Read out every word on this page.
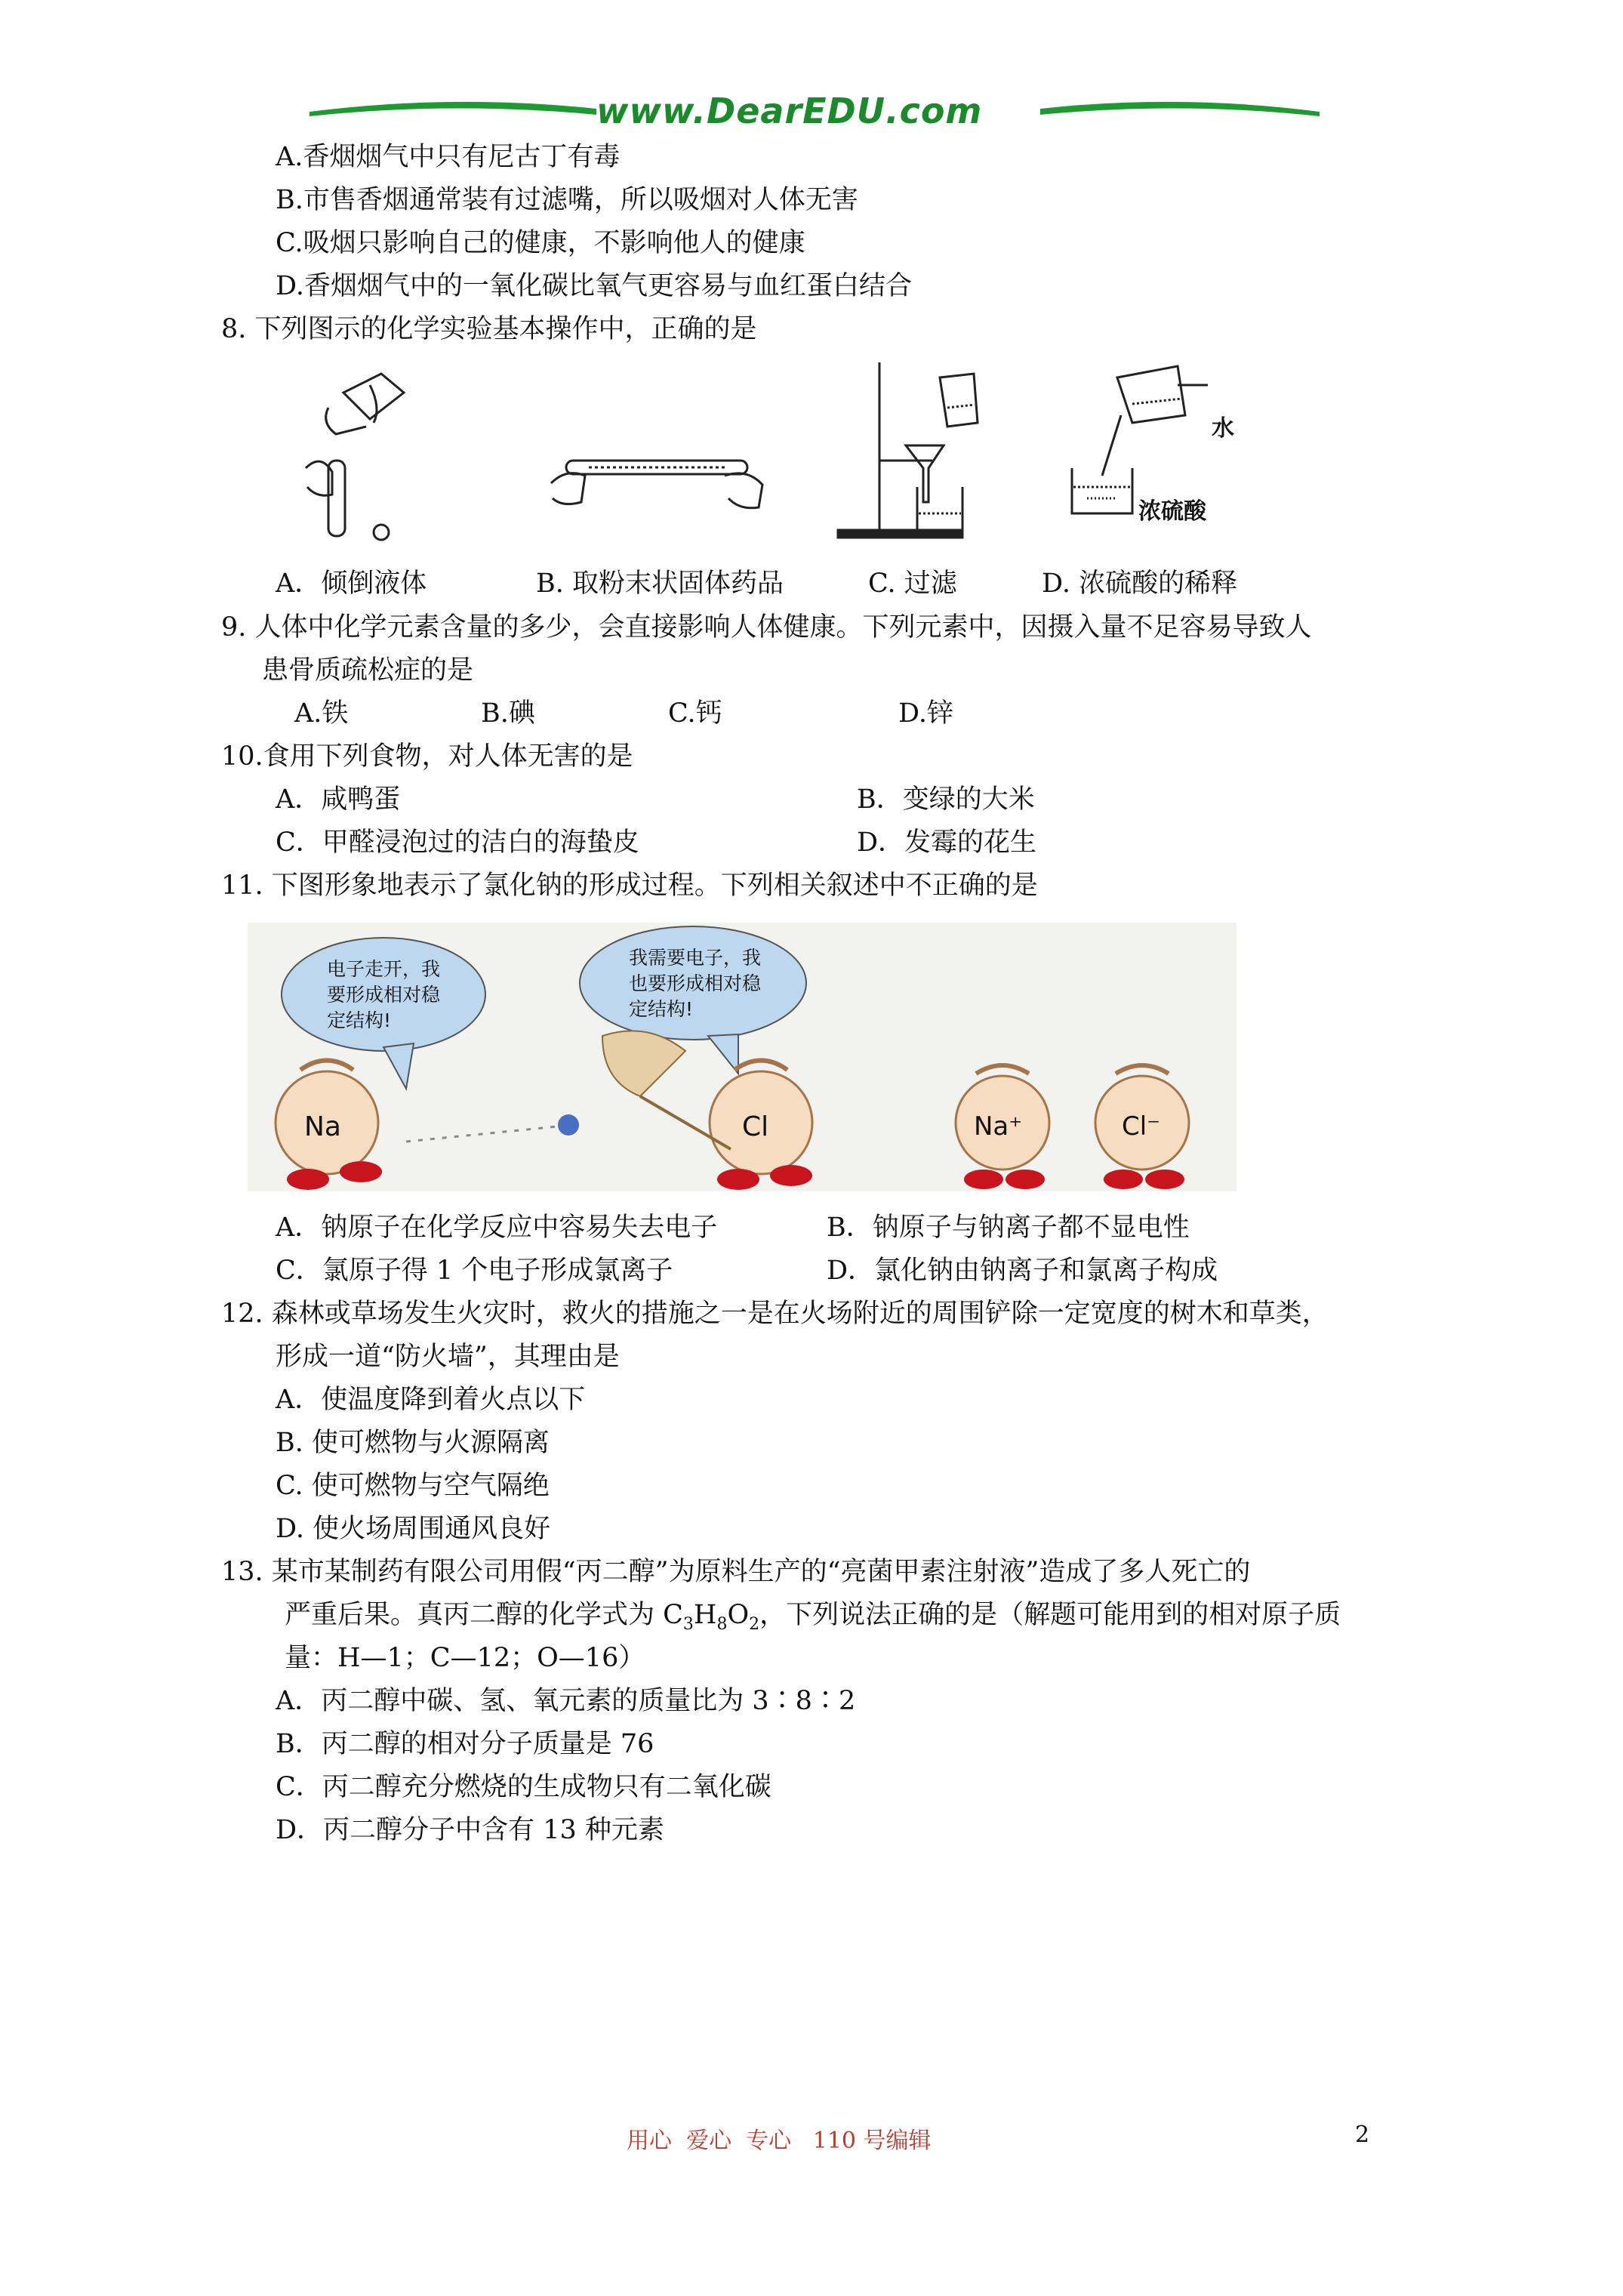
www.DearEDU.com
A.香烟烟气中只有尼古丁有毒
B.市售香烟通常装有过滤嘴，所以吸烟对人体无害
C.吸烟只影响自己的健康，不影响他人的健康
D.香烟烟气中的一氧化碳比氧气更容易与血红蛋白结合
8. 下列图示的化学实验基本操作中，正确的是
水
浓硫酸
A．倾倒液体	B. 取粉末状固体药品	C. 过滤	D. 浓硫酸的稀释
9. 人体中化学元素含量的多少，会直接影响人体健康。下列元素中，因摄入量不足容易导致人
患骨质疏松症的是
A.铁	B.碘	C.钙	D.锌
10.食用下列食物，对人体无害的是
A．咸鸭蛋	B．变绿的大米
C．甲醛浸泡过的洁白的海蛰皮	D．发霉的花生
11. 下图形象地表示了氯化钠的形成过程。下列相关叙述中不正确的是
电子走开，我
要形成相对稳
定结构!
我需要电子，我
也要形成相对稳
定结构!
Na	Cl	Na⁺	Cl⁻
A．钠原子在化学反应中容易失去电子	B．钠原子与钠离子都不显电性
C．氯原子得 1 个电子形成氯离子	D．氯化钠由钠离子和氯离子构成
12. 森林或草场发生火灾时，救火的措施之一是在火场附近的周围铲除一定宽度的树木和草类，
形成一道“防火墙”，其理由是
A．使温度降到着火点以下
B. 使可燃物与火源隔离
C. 使可燃物与空气隔绝
D. 使火场周围通风良好
13. 某市某制药有限公司用假“丙二醇”为原料生产的“亮菌甲素注射液”造成了多人死亡的
严重后果。真丙二醇的化学式为 $C_3H_8O_2$，下列说法正确的是（解题可能用到的相对原子质
量：H—1；C—12；O—16）
A．丙二醇中碳、氢、氧元素的质量比为 3∶8∶2
B．丙二醇的相对分子质量是 76
C．丙二醇充分燃烧的生成物只有二氧化碳
D．丙二醇分子中含有 13 种元素
用心  爱心  专心   110 号编辑	2
